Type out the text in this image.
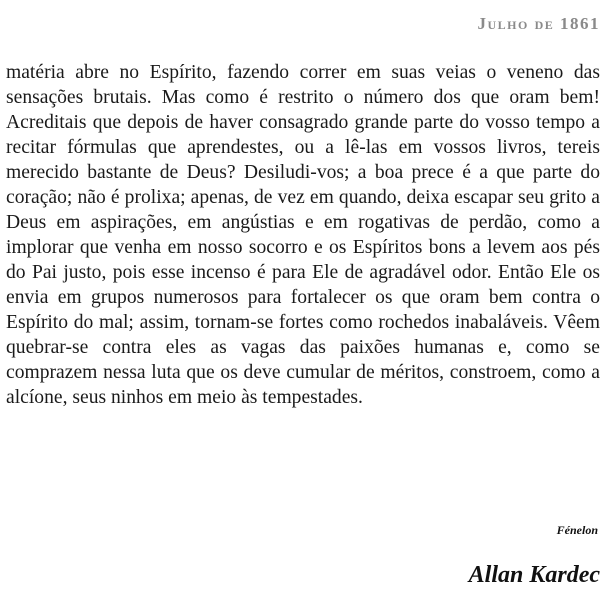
Julho de 1861

matéria abre no Espírito, fazendo correr em suas veias o veneno das sensações brutais. Mas como é restrito o número dos que oram bem! Acreditais que depois de haver consagrado grande parte do vosso tempo a recitar fórmulas que aprendestes, ou a lê-las em vossos livros, tereis merecido bastante de Deus? Desiludi-vos; a boa prece é a que parte do coração; não é prolixa; apenas, de vez em quando, deixa escapar seu grito a Deus em aspirações, em angústias e em rogativas de perdão, como a implorar que venha em nosso socorro e os Espíritos bons a levem aos pés do Pai justo, pois esse incenso é para Ele de agradável odor. Então Ele os envia em grupos numerosos para fortalecer os que oram bem contra o Espírito do mal; assim, tornam-se fortes como rochedos inabaláveis. Vêem quebrar-se contra eles as vagas das paixões humanas e, como se comprazem nessa luta que os deve cumular de méritos, constroem, como a alcíone, seus ninhos em meio às tempestades.

Fénelon
Allan Kardec
